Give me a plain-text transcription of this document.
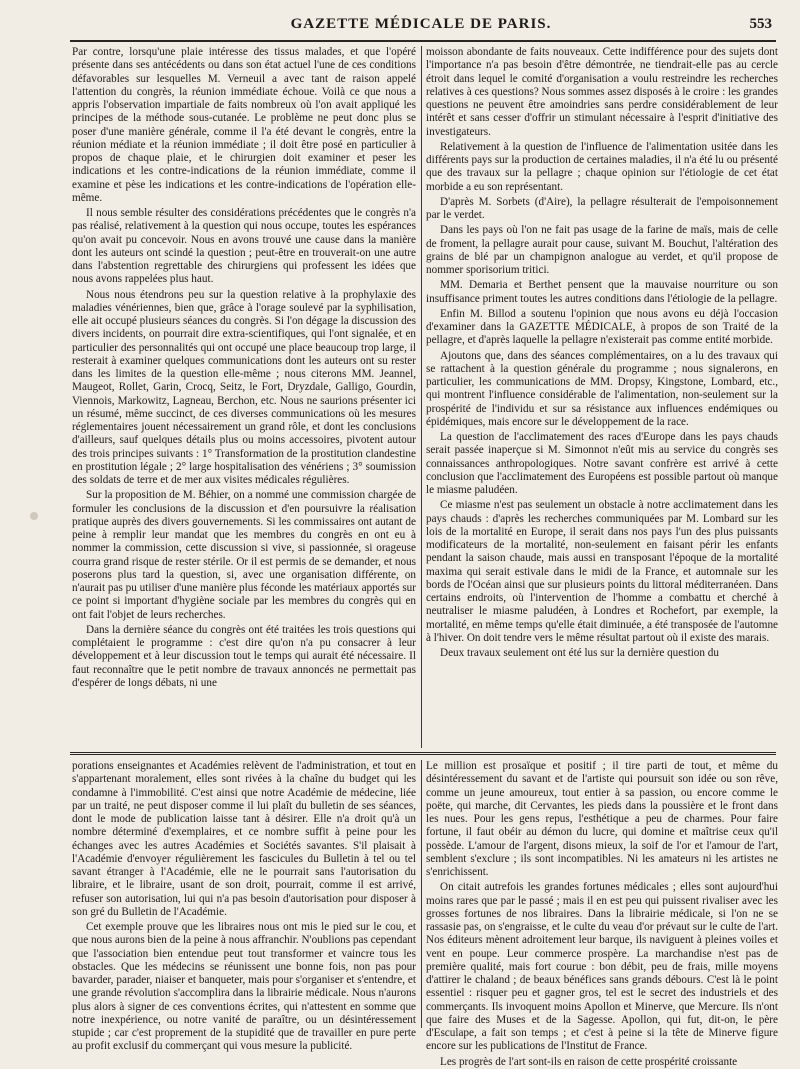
GAZETTE MÉDICALE DE PARIS.	553

Par contre, lorsqu'une plaie intéresse des tissus malades, et que l'opéré présente dans ses antécédents ou dans son état actuel l'une de ces conditions défavorables sur lesquelles M. Verneuil a avec tant de raison appelé l'attention du congrès, la réunion immédiate échoue. Voilà ce que nous a appris l'observation impartiale de faits nombreux où l'on avait appliqué les principes de la méthode sous-cutanée. Le problème ne peut donc plus se poser d'une manière générale, comme il l'a été devant le congrès, entre la réunion médiate et la réunion immédiate ; il doit être posé en particulier à propos de chaque plaie, et le chirurgien doit examiner et peser les indications et les contre-indications de la réunion immédiate, comme il examine et pèse les indications et les contre-indications de l'opération elle-même.

Il nous semble résulter des considérations précédentes que le congrès n'a pas réalisé, relativement à la question qui nous occupe, toutes les espérances qu'on avait pu concevoir. Nous en avons trouvé une cause dans la manière dont les auteurs ont scindé la question ; peut-être en trouverait-on une autre dans l'abstention regrettable des chirurgiens qui professent les idées que nous avons rappelées plus haut.

Nous nous étendrons peu sur la question relative à la prophylaxie des maladies vénériennes, bien que, grâce à l'orage soulevé par la syphilisation, elle ait occupé plusieurs séances du congrès. Si l'on dégage la discussion des divers incidents, on pourrait dire extra-scientifiques, qui l'ont signalée, et en particulier des personnalités qui ont occupé une place beaucoup trop large, il resterait à examiner quelques communications dont les auteurs ont su rester dans les limites de la question elle-même ; nous citerons MM. Jeannel, Maugeot, Rollet, Garin, Crocq, Seitz, le Fort, Dryzdale, Galligo, Gourdin, Viennois, Markowitz, Lagneau, Berchon, etc. Nous ne saurions présenter ici un résumé, même succinct, de ces diverses communications où les mesures réglementaires jouent nécessairement un grand rôle, et dont les conclusions d'ailleurs, sauf quelques détails plus ou moins accessoires, pivotent autour des trois principes suivants : 1° Transformation de la prostitution clandestine en prostitution légale ; 2° large hospitalisation des vénériens ; 3° soumission des soldats de terre et de mer aux visites médicales régulières.

Sur la proposition de M. Béhier, on a nommé une commission chargée de formuler les conclusions de la discussion et d'en poursuivre la réalisation pratique auprès des divers gouvernements. Si les commissaires ont autant de peine à remplir leur mandat que les membres du congrès en ont eu à nommer la commission, cette discussion si vive, si passionnée, si orageuse courra grand risque de rester stérile. Or il est permis de se demander, et nous poserons plus tard la question, si, avec une organisation différente, on n'aurait pas pu utiliser d'une manière plus féconde les matériaux apportés sur ce point si important d'hygiène sociale par les membres du congrès qui en ont fait l'objet de leurs recherches.

Dans la dernière séance du congrès ont été traitées les trois questions qui complétaient le programme : c'est dire qu'on n'a pu consacrer à leur développement et à leur discussion tout le temps qui aurait été nécessaire. Il faut reconnaître que le petit nombre de travaux annoncés ne permettait pas d'espérer de longs débats, ni une

moisson abondante de faits nouveaux. Cette indifférence pour des sujets dont l'importance n'a pas besoin d'être démontrée, ne tiendrait-elle pas au cercle étroit dans lequel le comité d'organisation a voulu restreindre les recherches relatives à ces questions? Nous sommes assez disposés à le croire : les grandes questions ne peuvent être amoindries sans perdre considérablement de leur intérêt et sans cesser d'offrir un stimulant nécessaire à l'esprit d'initiative des investigateurs.

Relativement à la question de l'influence de l'alimentation usitée dans les différents pays sur la production de certaines maladies, il n'a été lu ou présenté que des travaux sur la pellagre ; chaque opinion sur l'étiologie de cet état morbide a eu son représentant.

D'après M. Sorbets (d'Aire), la pellagre résulterait de l'empoisonnement par le verdet.

Dans les pays où l'on ne fait pas usage de la farine de maïs, mais de celle de froment, la pellagre aurait pour cause, suivant M. Bouchut, l'altération des grains de blé par un champignon analogue au verdet, et qu'il propose de nommer sporisorium tritici.

MM. Demaria et Berthet pensent que la mauvaise nourriture ou son insuffisance priment toutes les autres conditions dans l'étiologie de la pellagre.

Enfin M. Billod a soutenu l'opinion que nous avons eu déjà l'occasion d'examiner dans la GAZETTE MÉDICALE, à propos de son Traité de la pellagre, et d'après laquelle la pellagre n'existerait pas comme entité morbide.

Ajoutons que, dans des séances complémentaires, on a lu des travaux qui se rattachent à la question générale du programme ; nous signalerons, en particulier, les communications de MM. Dropsy, Kingstone, Lombard, etc., qui montrent l'influence considérable de l'alimentation, non-seulement sur la prospérité de l'individu et sur sa résistance aux influences endémiques ou épidémiques, mais encore sur le développement de la race.

La question de l'acclimatement des races d'Europe dans les pays chauds serait passée inaperçue si M. Simonnot n'eût mis au service du congrès ses connaissances anthropologiques. Notre savant confrère est arrivé à cette conclusion que l'acclimatement des Européens est possible partout où manque le miasme paludéen.

Ce miasme n'est pas seulement un obstacle à notre acclimatement dans les pays chauds : d'après les recherches communiquées par M. Lombard sur les lois de la mortalité en Europe, il serait dans nos pays l'un des plus puissants modificateurs de la mortalité, non-seulement en faisant périr les enfants pendant la saison chaude, mais aussi en transposant l'époque de la mortalité maxima qui serait estivale dans le midi de la France, et automnale sur les bords de l'Océan ainsi que sur plusieurs points du littoral méditerranéen. Dans certains endroits, où l'intervention de l'homme a combattu et cherché à neutraliser le miasme paludéen, à Londres et Rochefort, par exemple, la mortalité, en même temps qu'elle était diminuée, a été transposée de l'automne à l'hiver. On doit tendre vers le même résultat partout où il existe des marais.

Deux travaux seulement ont été lus sur la dernière question du

porations enseignantes et Académies relèvent de l'administration, et tout en s'appartenant moralement, elles sont rivées à la chaîne du budget qui les condamne à l'immobilité. C'est ainsi que notre Académie de médecine, liée par un traité, ne peut disposer comme il lui plaît du bulletin de ses séances, dont le mode de publication laisse tant à désirer. Elle n'a droit qu'à un nombre déterminé d'exemplaires, et ce nombre suffit à peine pour les échanges avec les autres Académies et Sociétés savantes. S'il plaisait à l'Académie d'envoyer régulièrement les fascicules du Bulletin à tel ou tel savant étranger à l'Académie, elle ne le pourrait sans l'autorisation du libraire, et le libraire, usant de son droit, pourrait, comme il est arrivé, refuser son autorisation, lui qui n'a pas besoin d'autorisation pour disposer à son gré du Bulletin de l'Académie.

Cet exemple prouve que les libraires nous ont mis le pied sur le cou, et que nous aurons bien de la peine à nous affranchir. N'oublions pas cependant que l'association bien entendue peut tout transformer et vaincre tous les obstacles. Que les médecins se réunissent une bonne fois, non pas pour bavarder, parader, niaiser et banqueter, mais pour s'organiser et s'entendre, et une grande révolution s'accomplira dans la librairie médicale. Nous n'aurons plus alors à signer de ces conventions écrites, qui n'attestent en somme que notre inexpérience, ou notre vanité de paraître, ou un désintéressement stupide ; car c'est proprement de la stupidité que de travailler en pure perte au profit exclusif du commerçant qui vous mesure la publicité.

Le million est prosaïque et positif ; il tire parti de tout, et même du désintéressement du savant et de l'artiste qui poursuit son idée ou son rêve, comme un jeune amoureux, tout entier à sa passion, ou encore comme le poëte, qui marche, dit Cervantes, les pieds dans la poussière et le front dans les nues. Pour les gens repus, l'esthétique a peu de charmes. Pour faire fortune, il faut obéir au démon du lucre, qui domine et maîtrise ceux qu'il possède. L'amour de l'argent, disons mieux, la soif de l'or et l'amour de l'art, semblent s'exclure ; ils sont incompatibles. Ni les amateurs ni les artistes ne s'enrichissent.

On citait autrefois les grandes fortunes médicales ; elles sont aujourd'hui moins rares que par le passé ; mais il en est peu qui puissent rivaliser avec les grosses fortunes de nos libraires. Dans la librairie médicale, si l'on ne se rassasie pas, on s'engraisse, et le culte du veau d'or prévaut sur le culte de l'art. Nos éditeurs mènent adroitement leur barque, ils naviguent à pleines voiles et vent en poupe. Leur commerce prospère. La marchandise n'est pas de première qualité, mais fort courue : bon débit, peu de frais, mille moyens d'attirer le chaland ; de beaux bénéfices sans grands débours. C'est là le point essentiel : risquer peu et gagner gros, tel est le secret des industriels et des commerçants. Ils invoquent moins Apollon et Minerve, que Mercure. Ils n'ont que faire des Muses et de la Sagesse. Apollon, qui fut, dit-on, le père d'Esculape, a fait son temps ; et c'est à peine si la tête de Minerve figure encore sur les publications de l'Institut de France.

Les progrès de l'art sont-ils en raison de cette prospérité croissante
